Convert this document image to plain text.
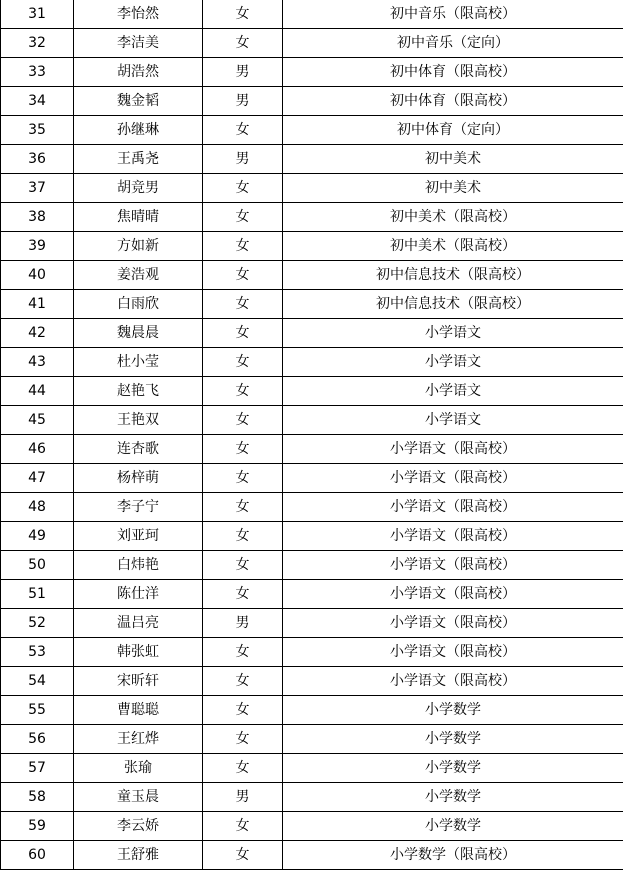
31	李怡然	女	初中音乐（限高校）
32	李洁美	女	初中音乐（定向）
33	胡浩然	男	初中体育（限高校）
34	魏金韬	男	初中体育（限高校）
35	孙继琳	女	初中体育（定向）
36	王禹尧	男	初中美术
37	胡竞男	女	初中美术
38	焦晴晴	女	初中美术（限高校）
39	方如新	女	初中美术（限高校）
40	姜浩观	女	初中信息技术（限高校）
41	白雨欣	女	初中信息技术（限高校）
42	魏晨晨	女	小学语文
43	杜小莹	女	小学语文
44	赵艳飞	女	小学语文
45	王艳双	女	小学语文
46	连杏歌	女	小学语文（限高校）
47	杨梓萌	女	小学语文（限高校）
48	李子宁	女	小学语文（限高校）
49	刘亚珂	女	小学语文（限高校）
50	白炜艳	女	小学语文（限高校）
51	陈仕洋	女	小学语文（限高校）
52	温吕亮	男	小学语文（限高校）
53	韩张虹	女	小学语文（限高校）
54	宋昕轩	女	小学语文（限高校）
55	曹聪聪	女	小学数学
56	王红烨	女	小学数学
57	张瑜	女	小学数学
58	童玉晨	男	小学数学
59	李云娇	女	小学数学
60	王舒雅	女	小学数学（限高校）
